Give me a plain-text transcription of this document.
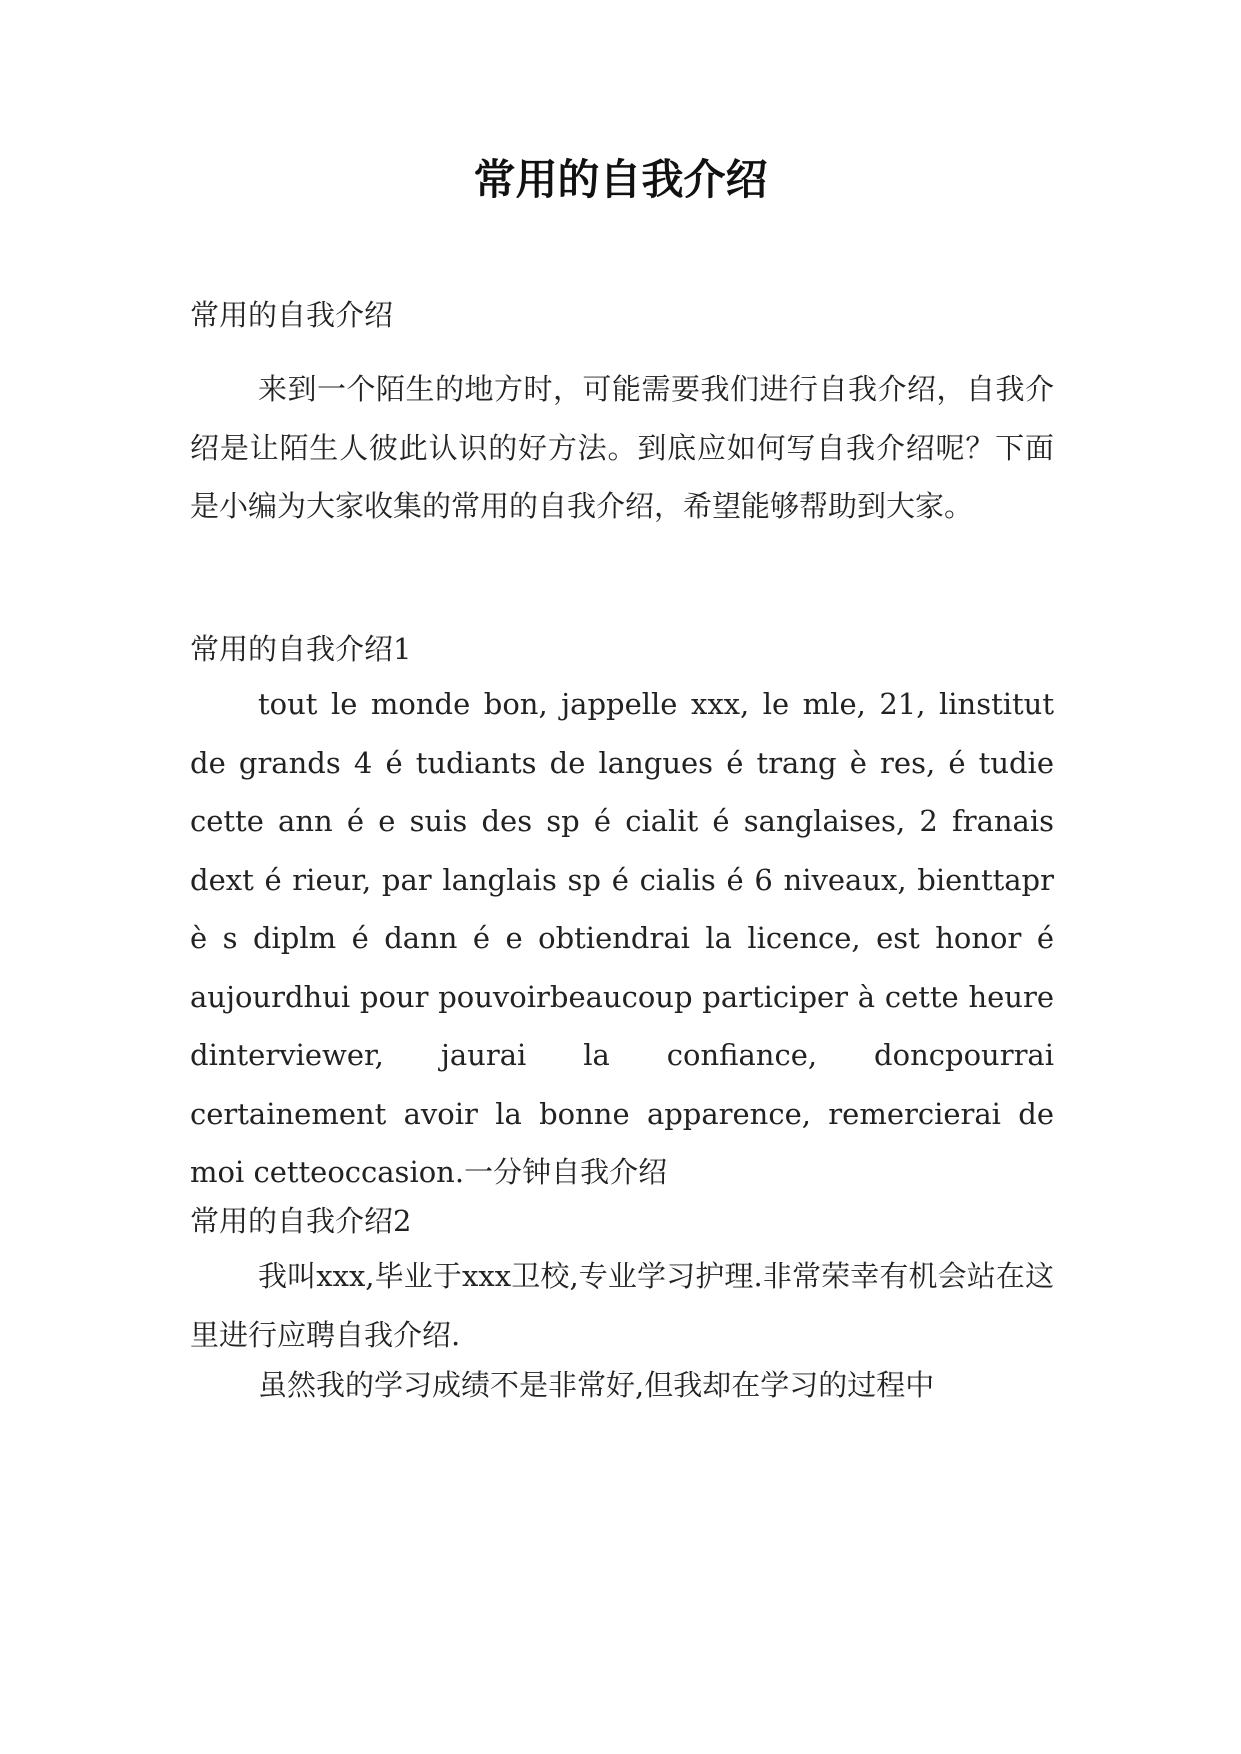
常用的自我介绍

常用的自我介绍

来到一个陌生的地方时，可能需要我们进行自我介绍，自我介绍是让陌生人彼此认识的好方法。到底应如何写自我介绍呢？下面是小编为大家收集的常用的自我介绍，希望能够帮助到大家。

常用的自我介绍1

tout le monde bon, jappelle xxx, le mle, 21, linstitut de grands 4 é tudiants de langues é trang è res, é tudie cette ann é e suis des sp é cialit é sanglaises, 2 franais dext é rieur, par langlais sp é cialis é 6 niveaux, bienttapr è s diplm é dann é e obtiendrai la licence, est honor é aujourdhui pour pouvoirbeaucoup participer à cette heure dinterviewer, jaurai la confiance, doncpourrai certainement avoir la bonne apparence, remercierai de moi cetteoccasion.一分钟自我介绍

常用的自我介绍2

我叫xxx,毕业于xxx卫校,专业学习护理.非常荣幸有机会站在这里进行应聘自我介绍.

虽然我的学习成绩不是非常好,但我却在学习的过程中
